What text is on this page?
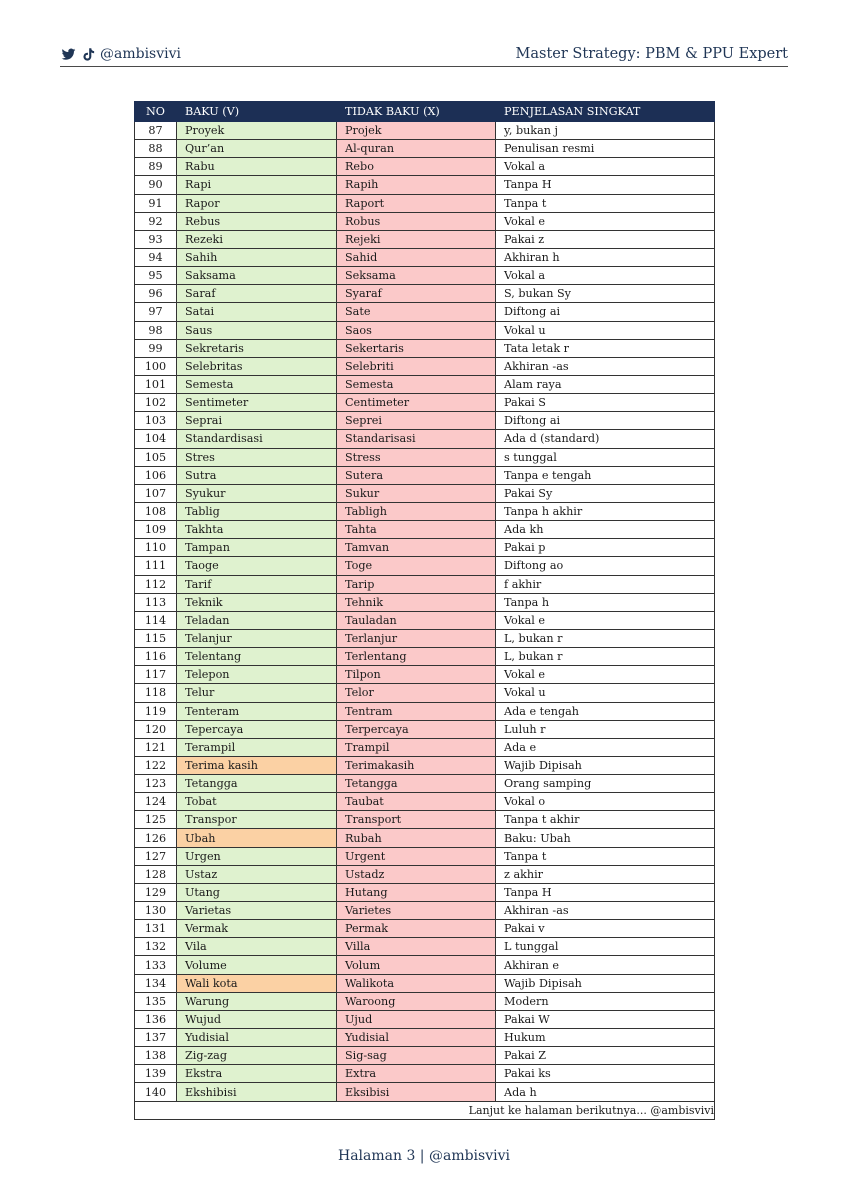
@ambisvivi	Master Strategy: PBM & PPU Expert
NO	BAKU (V)	TIDAK BAKU (X)	PENJELASAN SINGKAT
87	Proyek	Projek	y, bukan j
88	Qur’an	Al-quran	Penulisan resmi
89	Rabu	Rebo	Vokal a
90	Rapi	Rapih	Tanpa H
91	Rapor	Raport	Tanpa t
92	Rebus	Robus	Vokal e
93	Rezeki	Rejeki	Pakai z
94	Sahih	Sahid	Akhiran h
95	Saksama	Seksama	Vokal a
96	Saraf	Syaraf	S, bukan Sy
97	Satai	Sate	Diftong ai
98	Saus	Saos	Vokal u
99	Sekretaris	Sekertaris	Tata letak r
100	Selebritas	Selebriti	Akhiran -as
101	Semesta	Semesta	Alam raya
102	Sentimeter	Centimeter	Pakai S
103	Seprai	Seprei	Diftong ai
104	Standardisasi	Standarisasi	Ada d (standard)
105	Stres	Stress	s tunggal
106	Sutra	Sutera	Tanpa e tengah
107	Syukur	Sukur	Pakai Sy
108	Tablig	Tabligh	Tanpa h akhir
109	Takhta	Tahta	Ada kh
110	Tampan	Tamvan	Pakai p
111	Taoge	Toge	Diftong ao
112	Tarif	Tarip	f akhir
113	Teknik	Tehnik	Tanpa h
114	Teladan	Tauladan	Vokal e
115	Telanjur	Terlanjur	L, bukan r
116	Telentang	Terlentang	L, bukan r
117	Telepon	Tilpon	Vokal e
118	Telur	Telor	Vokal u
119	Tenteram	Tentram	Ada e tengah
120	Tepercaya	Terpercaya	Luluh r
121	Terampil	Trampil	Ada e
122	Terima kasih	Terimakasih	Wajib Dipisah
123	Tetangga	Tetangga	Orang samping
124	Tobat	Taubat	Vokal o
125	Transpor	Transport	Tanpa t akhir
126	Ubah	Rubah	Baku: Ubah
127	Urgen	Urgent	Tanpa t
128	Ustaz	Ustadz	z akhir
129	Utang	Hutang	Tanpa H
130	Varietas	Varietes	Akhiran -as
131	Vermak	Permak	Pakai v
132	Vila	Villa	L tunggal
133	Volume	Volum	Akhiran e
134	Wali kota	Walikota	Wajib Dipisah
135	Warung	Waroong	Modern
136	Wujud	Ujud	Pakai W
137	Yudisial	Yudisial	Hukum
138	Zig-zag	Sig-sag	Pakai Z
139	Ekstra	Extra	Pakai ks
140	Ekshibisi	Eksibisi	Ada h
Lanjut ke halaman berikutnya... @ambisvivi			
Halaman 3 | @ambisvivi
